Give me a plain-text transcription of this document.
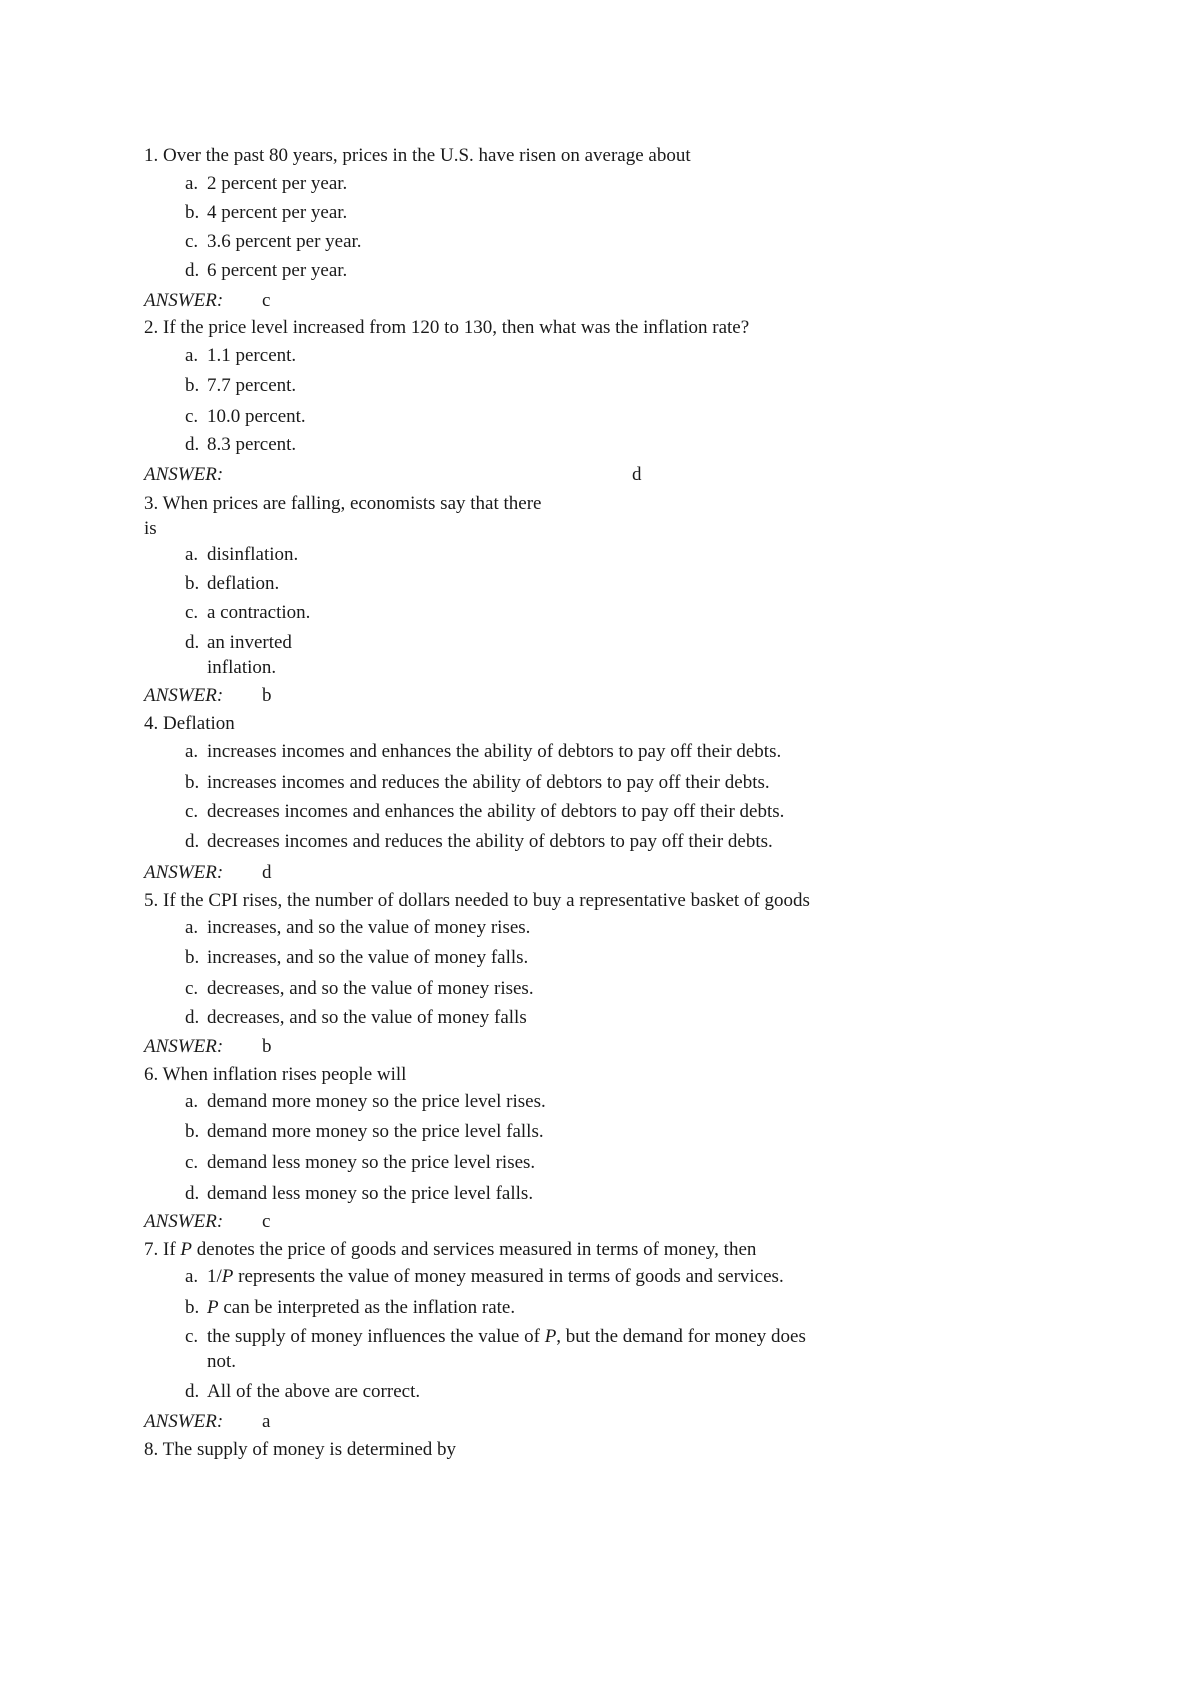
1. Over the past 80 years, prices in the U.S. have risen on average about
a. 2 percent per year.
b. 4 percent per year.
c. 3.6 percent per year.
d. 6 percent per year.
ANSWER: c
2. If the price level increased from 120 to 130, then what was the inflation rate?
a. 1.1 percent.
b. 7.7 percent.
c. 10.0 percent.
d. 8.3 percent.
ANSWER:	d
3. When prices are falling, economists say that there
is
a. disinflation.
b. deflation.
c. a contraction.
d. an inverted
inflation.
ANSWER: b
4. Deflation
a. increases incomes and enhances the ability of debtors to pay off their debts.
b. increases incomes and reduces the ability of debtors to pay off their debts.
c. decreases incomes and enhances the ability of debtors to pay off their debts.
d. decreases incomes and reduces the ability of debtors to pay off their debts.
ANSWER: d
5. If the CPI rises, the number of dollars needed to buy a representative basket of goods
a. increases, and so the value of money rises.
b. increases, and so the value of money falls.
c. decreases, and so the value of money rises.
d. decreases, and so the value of money falls
ANSWER: b
6. When inflation rises people will
a. demand more money so the price level rises.
b. demand more money so the price level falls.
c. demand less money so the price level rises.
d. demand less money so the price level falls.
ANSWER: c
7. If P denotes the price of goods and services measured in terms of money, then
a. 1/P represents the value of money measured in terms of goods and services.
b. P can be interpreted as the inflation rate.
c. the supply of money influences the value of P, but the demand for money does
not.
d. All of the above are correct.
ANSWER: a
8. The supply of money is determined by
